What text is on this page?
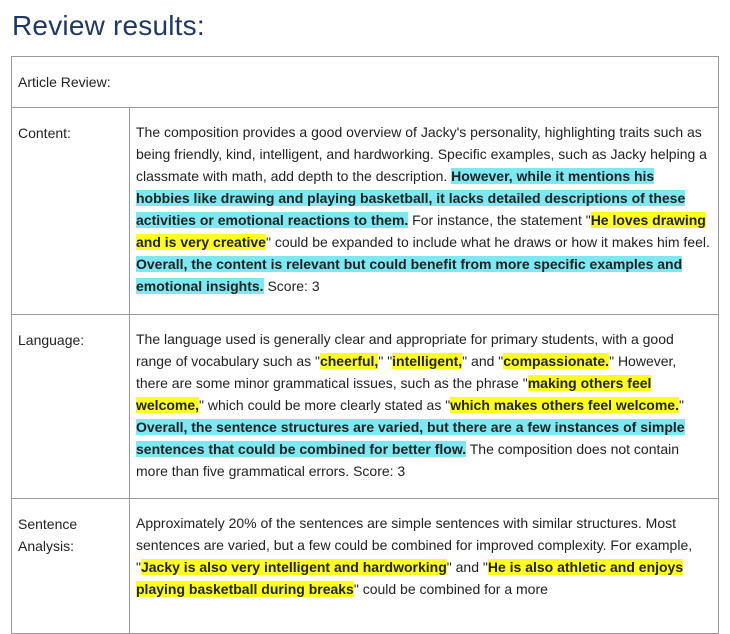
Review results:
Article Review:	
Content:	The composition provides a good overview of Jacky's personality, highlighting traits such as being friendly, kind, intelligent, and hardworking. Specific examples, such as Jacky helping a classmate with math, add depth to the description. However, while it mentions his hobbies like drawing and playing basketball, it lacks detailed descriptions of these activities or emotional reactions to them. For instance, the statement "He loves drawing and is very creative" could be expanded to include what he draws or how it makes him feel. Overall, the content is relevant but could benefit from more specific examples and emotional insights. Score: 3
Language:	The language used is generally clear and appropriate for primary students, with a good range of vocabulary such as "cheerful," "intelligent," and "compassionate." However, there are some minor grammatical issues, such as the phrase "making others feel welcome," which could be more clearly stated as "which makes others feel welcome." Overall, the sentence structures are varied, but there are a few instances of simple sentences that could be combined for better flow. The composition does not contain more than five grammatical errors. Score: 3
Sentence Analysis:	Approximately 20% of the sentences are simple sentences with similar structures. Most sentences are varied, but a few could be combined for improved complexity. For example, "Jacky is also very intelligent and hardworking" and "He is also athletic and enjoys playing basketball during breaks" could be combined for a more
